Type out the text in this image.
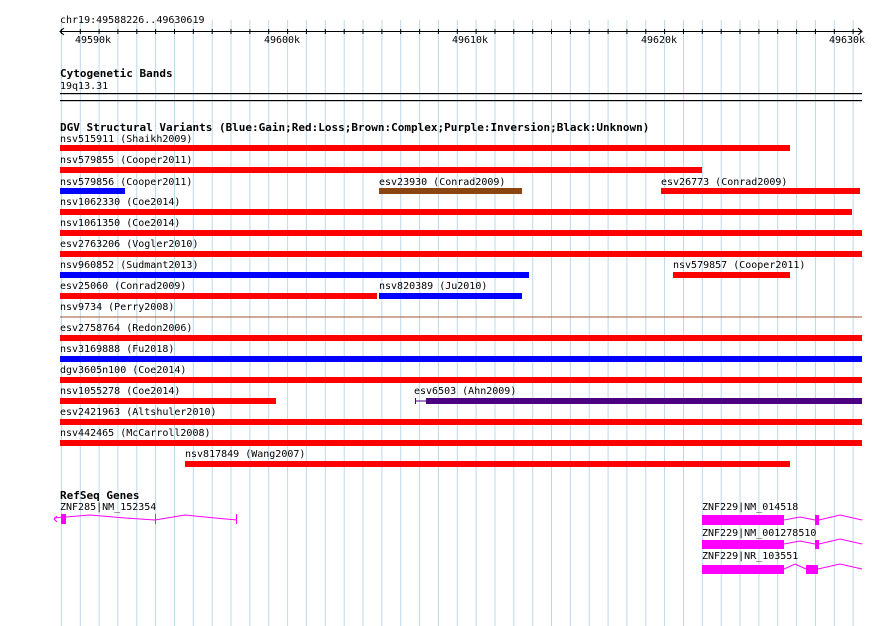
chr19:49588226..49630619
49590k	49600k	49610k	49620k	49630k
Cytogenetic Bands
19q13.31
DGV Structural Variants (Blue:Gain;Red:Loss;Brown:Complex;Purple:Inversion;Black:Unknown)
nsv515911 (Shaikh2009)
nsv579855 (Cooper2011)
nsv579856 (Cooper2011)	esv23930 (Conrad2009)	esv26773 (Conrad2009)
nsv1062330 (Coe2014)
nsv1061350 (Coe2014)
esv2763206 (Vogler2010)
nsv960852 (Sudmant2013)	nsv579857 (Cooper2011)
esv25060 (Conrad2009)	nsv820389 (Ju2010)
nsv9734 (Perry2008)
esv2758764 (Redon2006)
nsv3169888 (Fu2018)
dgv3605n100 (Coe2014)
nsv1055278 (Coe2014)	esv6503 (Ahn2009)
esv2421963 (Altshuler2010)
nsv442465 (McCarroll2008)
nsv817849 (Wang2007)
RefSeq Genes
ZNF285|NM_152354	ZNF229|NM_014518
ZNF229|NM_001278510
ZNF229|NR_103551
